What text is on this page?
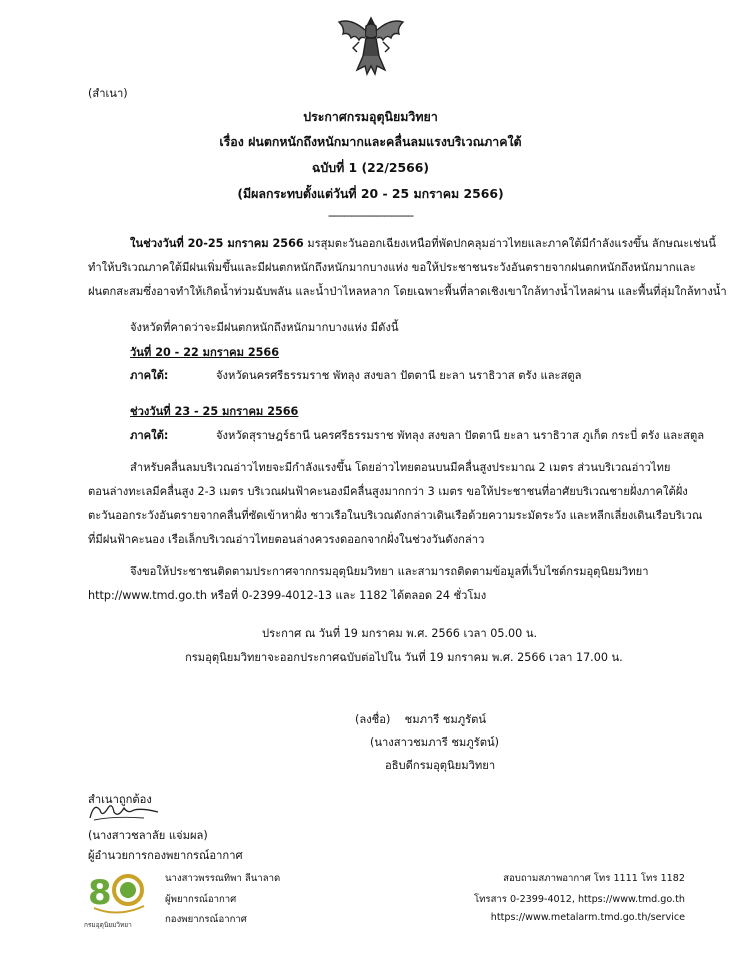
(สำเนา)
ประกาศกรมอุตุนิยมวิทยา
เรื่อง ฝนตกหนักถึงหนักมากและคลื่นลมแรงบริเวณภาคใต้
ฉบับที่ 1 (22/2566)
(มีผลกระทบตั้งแต่วันที่ 20 - 25 มกราคม 2566)
----------------------------

ในช่วงวันที่ 20-25 มกราคม 2566 มรสุมตะวันออกเฉียงเหนือที่พัดปกคลุมอ่าวไทยและภาคใต้มีกำลังแรงขึ้น ลักษณะเช่นนี้

ทำให้บริเวณภาคใต้มีฝนเพิ่มขึ้นและมีฝนตกหนักถึงหนักมากบางแห่ง ขอให้ประชาชนระวังอันตรายจากฝนตกหนักถึงหนักมากและ

ฝนตกสะสมซึ่งอาจทำให้เกิดน้ำท่วมฉับพลัน และน้ำป่าไหลหลาก โดยเฉพาะพื้นที่ลาดเชิงเขาใกล้ทางน้ำไหลผ่าน และพื้นที่ลุ่มใกล้ทางน้ำ

จังหวัดที่คาดว่าจะมีฝนตกหนักถึงหนักมากบางแห่ง มีดังนี้
วันที่ 20 - 22 มกราคม 2566
ภาคใต้:	จังหวัดนครศรีธรรมราช พัทลุง สงขลา ปัตตานี ยะลา นราธิวาส ตรัง และสตูล
ช่วงวันที่ 23 - 25 มกราคม 2566
ภาคใต้:	จังหวัดสุราษฎร์ธานี นครศรีธรรมราช พัทลุง สงขลา ปัตตานี ยะลา นราธิวาส ภูเก็ต กระบี่ ตรัง และสตูล

สำหรับคลื่นลมบริเวณอ่าวไทยจะมีกำลังแรงขึ้น โดยอ่าวไทยตอนบนมีคลื่นสูงประมาณ 2 เมตร ส่วนบริเวณอ่าวไทย

ตอนล่างทะเลมีคลื่นสูง 2-3 เมตร บริเวณฝนฟ้าคะนองมีคลื่นสูงมากกว่า 3 เมตร ขอให้ประชาชนที่อาศัยบริเวณชายฝั่งภาคใต้ฝั่ง

ตะวันออกระวังอันตรายจากคลื่นที่ซัดเข้าหาฝั่ง ชาวเรือในบริเวณดังกล่าวเดินเรือด้วยความระมัดระวัง และหลีกเลี่ยงเดินเรือบริเวณ

ที่มีฝนฟ้าคะนอง เรือเล็กบริเวณอ่าวไทยตอนล่างควรงดออกจากฝั่งในช่วงวันดังกล่าว

จึงขอให้ประชาชนติดตามประกาศจากกรมอุตุนิยมวิทยา และสามารถติดตามข้อมูลที่เว็บไซต์กรมอุตุนิยมวิทยา

http://www.tmd.go.th หรือที่ 0-2399-4012-13 และ 1182 ได้ตลอด 24 ชั่วโมง

ประกาศ ณ วันที่ 19 มกราคม พ.ศ. 2566 เวลา 05.00 น.
กรมอุตุนิยมวิทยาจะออกประกาศฉบับต่อไปใน วันที่ 19 มกราคม พ.ศ. 2566 เวลา 17.00 น.
(ลงชื่อ) ชมภารี ชมภูรัตน์
(นางสาวชมภารี ชมภูรัตน์)
อธิบดีกรมอุตุนิยมวิทยา
สำเนาถูกต้อง
(นางสาวชลาลัย แจ่มผล)
ผู้อำนวยการกองพยากรณ์อากาศ
8
กรมอุตุนิยมวิทยา
นางสาวพรรณทิพา ลีนาลาด
ผู้พยากรณ์อากาศ
กองพยากรณ์อากาศ
สอบถามสภาพอากาศ โทร 1111 โทร 1182
โทรสาร 0-2399-4012, https://www.tmd.go.th
https://www.metalarm.tmd.go.th/service
